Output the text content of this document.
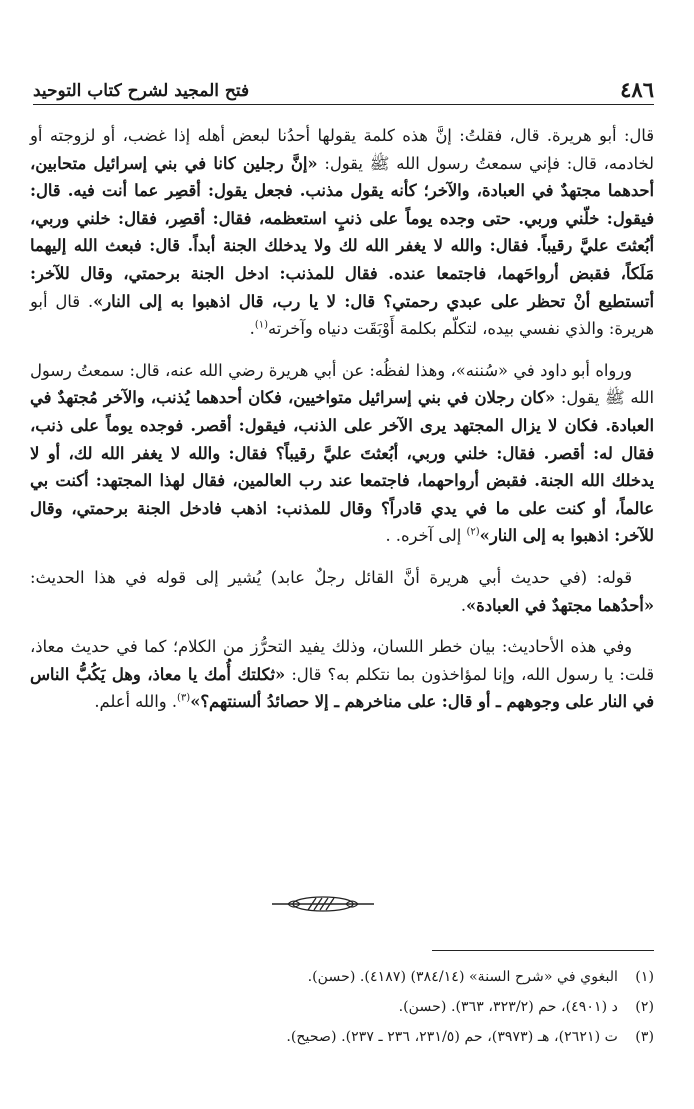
٤٨٦
فتح المجيد لشرح كتاب التوحيد

قال: أبو هريرة. قال، فقلتُ: إنَّ هذه كلمة يقولها أحدُنا لبعض أهله إذا غضب، أو لزوجته أو لخادمه، قال: فإني سمعتُ رسول الله ﷺ يقول: «إنَّ رجلين كانا في بني إسرائيل متحابين، أحدهما مجتهدٌ في العبادة، والآخر؛ كأنه يقول مذنب. فجعل يقول: أقصِر عما أنت فيه. قال: فيقول: خلّني وربي. حتى وجده يوماً على ذنبٍ استعظمه، فقال: أقصِر، فقال: خلني وربي، أبُعثتَ عليَّ رقيباً. فقال: والله لا يغفر الله لك ولا يدخلك الجنة أبداً. قال: فبعث الله إليهما مَلَكاً، فقبض أرواحَهما، فاجتمعا عنده. فقال للمذنب: ادخل الجنة برحمتي، وقال للآخر: أتستطيع أنْ تحظر على عبدي رحمتي؟ قال: لا يا رب، قال اذهبوا به إلى النار». قال أبو هريرة: والذي نفسي بيده، لتكلّم بكلمة أَوْبَقَت دنياه وآخرته$^{(١)}$.

ورواه أبو داود في «سُننه»، وهذا لفظُه: عن أبي هريرة رضي الله عنه، قال: سمعتُ رسول الله ﷺ يقول: «كان رجلان في بني إسرائيل متواخيين، فكان أحدهما يُذنب، والآخر مُجتهدٌ في العبادة. فكان لا يزال المجتهد يرى الآخر على الذنب، فيقول: أقصر. فوجده يوماً على ذنب، فقال له: أقصر. فقال: خلني وربي، أبُعثتَ عليَّ رقيباً؟ فقال: والله لا يغفر الله لك، أو لا يدخلك الله الجنة. فقبض أرواحهما، فاجتمعا عند رب العالمين، فقال لهذا المجتهد: أكنت بي عالماً، أو كنت على ما في يدي قادراً؟ وقال للمذنب: اذهب فادخل الجنة برحمتي، وقال للآخر: اذهبوا به إلى النار»$^{(٢)}$ إلى آخره. .

قوله: (في حديث أبي هريرة أنَّ القائل رجلٌ عابد) يُشير إلى قوله في هذا الحديث: «أحدُهما مجتهدٌ في العبادة».

وفي هذه الأحاديث: بيان خطر اللسان، وذلك يفيد التحرُّز من الكلام؛ كما في حديث معاذ، قلت: يا رسول الله، وإنا لمؤاخذون بما نتكلم به؟ قال: «ثكلتك أُمك يا معاذ، وهل يَكُبُّ الناس في النار على وجوههم ـ أو قال: على مناخرهم ـ إلا حصائدُ ألسنتهم؟»$^{(٣)}$. والله أعلم.

(١)
البغوي في «شرح السنة» (٣٨٤/١٤) (٤١٨٧). (حسن).
(٢)
د (٤٩٠١)، حم (٣٢٣/٢، ٣٦٣). (حسن).
(٣)
ت (٢٦٢١)، هـ (٣٩٧٣)، حم (٢٣١/٥، ٢٣٦ ـ ٢٣٧). (صحيح).
